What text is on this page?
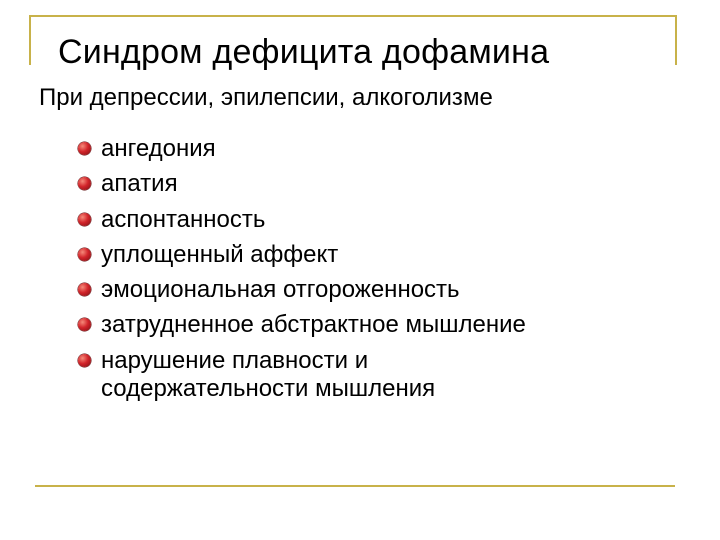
Синдром дефицита дофамина
При депрессии, эпилепсии, алкоголизме
ангедония
апатия
аспонтанность
уплощенный аффект
эмоциональная отгороженность
затрудненное абстрактное мышление
нарушение плавности и содержательности мышления
